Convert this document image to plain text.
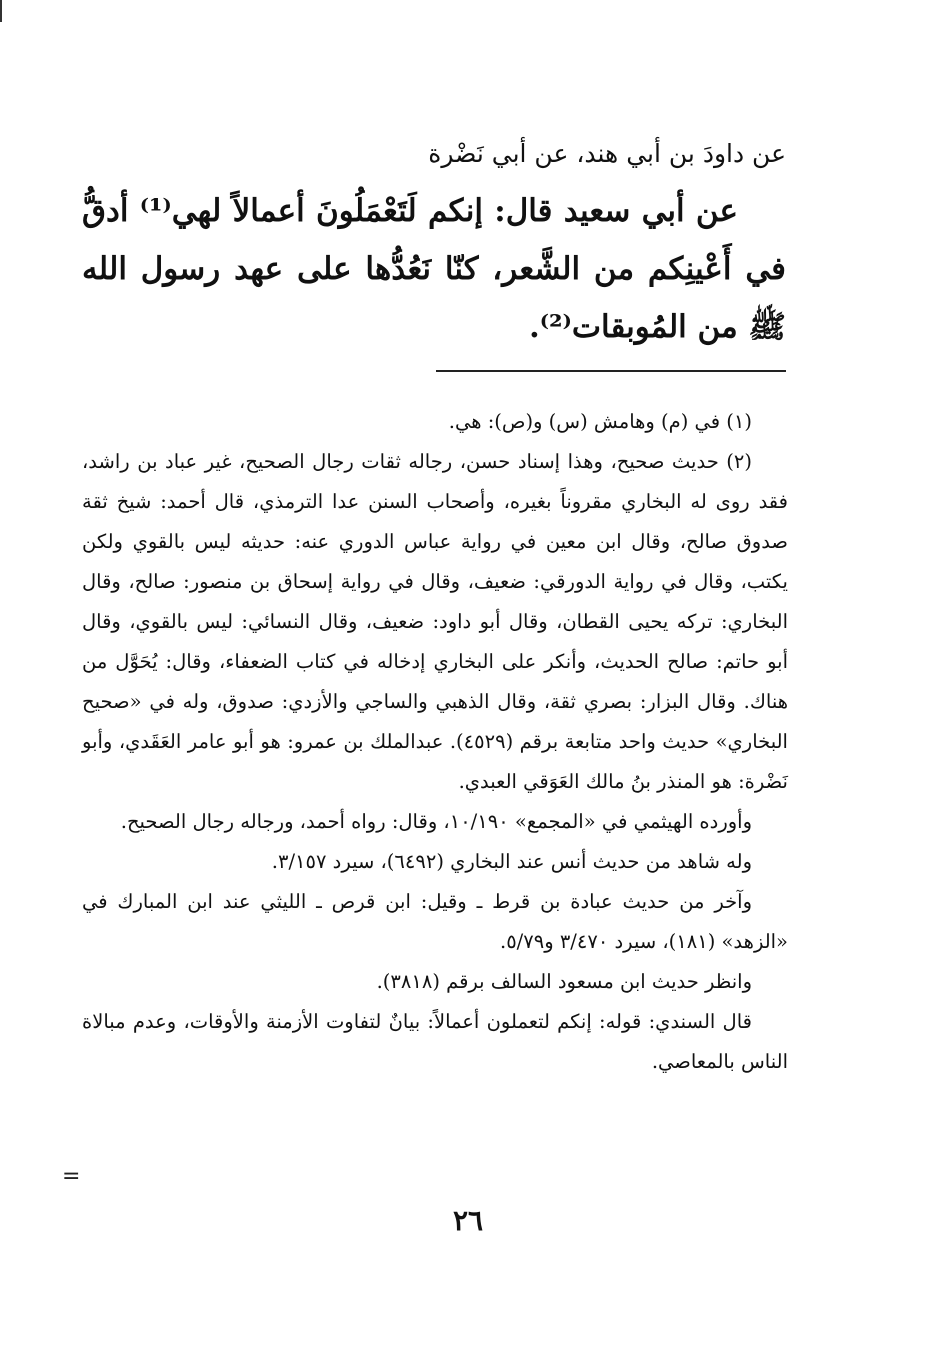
عن داودَ بن أبي هند، عن أبي نَضْرة

عن أبي سعيد قال: إنكم لَتَعْمَلُونَ أعمالاً لهي⁽¹⁾ أدقُّ في أَعْينِكم من الشَّعر، كنّا نَعُدُّها على عهد رسول الله ﷺ من المُوبقات⁽²⁾.

(١) في (م) وهامش (س) و(ص): هي.

(٢) حديث صحيح، وهذا إسناد حسن، رجاله ثقات رجال الصحيح، غير عباد بن راشد، فقد روى له البخاري مقروناً بغيره، وأصحاب السنن عدا الترمذي، قال أحمد: شيخ ثقة صدوق صالح، وقال ابن معين في رواية عباس الدوري عنه: حديثه ليس بالقوي ولكن يكتب، وقال في رواية الدورقي: ضعيف، وقال في رواية إسحاق بن منصور: صالح، وقال البخاري: تركه يحيى القطان، وقال أبو داود: ضعيف، وقال النسائي: ليس بالقوي، وقال أبو حاتم: صالح الحديث، وأنكر على البخاري إدخاله في كتاب الضعفاء، وقال: يُحَوَّل من هناك. وقال البزار: بصري ثقة، وقال الذهبي والساجي والأزدي: صدوق، وله في «صحيح البخاري» حديث واحد متابعة برقم (٤٥٢٩). عبدالملك بن عمرو: هو أبو عامر العَقَدي، وأبو نَضْرة: هو المنذر بنُ مالك العَوَقي العبدي.

وأورده الهيثمي في «المجمع» ١٠/١٩٠، وقال: رواه أحمد، ورجاله رجال الصحيح.

وله شاهد من حديث أنس عند البخاري (٦٤٩٢)، سيرد ٣/١٥٧.

وآخر من حديث عبادة بن قرط ـ وقيل: ابن قرص ـ الليثي عند ابن المبارك في «الزهد» (١٨١)، سيرد ٣/٤٧٠ و٥/٧٩.

وانظر حديث ابن مسعود السالف برقم (٣٨١٨).

قال السندي: قوله: إنكم لتعملون أعمالاً: بيانٌ لتفاوت الأزمنة والأوقات، وعدم مبالاة الناس بالمعاصي.

=
٢٦
